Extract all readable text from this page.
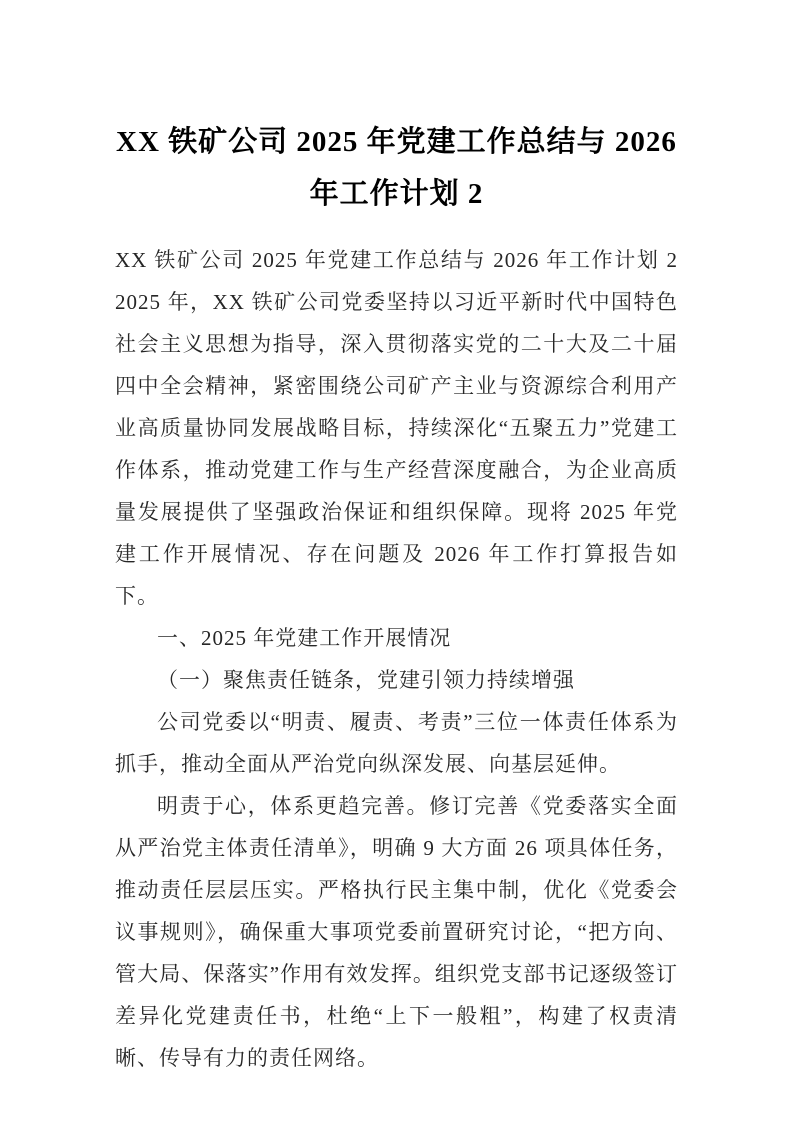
XX 铁矿公司 2025 年党建工作总结与 2026 年工作计划 2

XX 铁矿公司 2025 年党建工作总结与 2026 年工作计划 2 2025 年，XX 铁矿公司党委坚持以习近平新时代中国特色社会主义思想为指导，深入贯彻落实党的二十大及二十届四中全会精神，紧密围绕公司矿产主业与资源综合利用产业高质量协同发展战略目标，持续深化“五聚五力”党建工作体系，推动党建工作与生产经营深度融合，为企业高质量发展提供了坚强政治保证和组织保障。现将 2025 年党建工作开展情况、存在问题及 2026 年工作打算报告如下。

一、2025 年党建工作开展情况

（一）聚焦责任链条，党建引领力持续增强

公司党委以“明责、履责、考责”三位一体责任体系为抓手，推动全面从严治党向纵深发展、向基层延伸。

明责于心，体系更趋完善。修订完善《党委落实全面从严治党主体责任清单》，明确 9 大方面 26 项具体任务，推动责任层层压实。严格执行民主集中制，优化《党委会议事规则》，确保重大事项党委前置研究讨论，“把方向、管大局、保落实”作用有效发挥。组织党支部书记逐级签订差异化党建责任书，杜绝“上下一般粗”，构建了权责清晰、传导有力的责任网络。
